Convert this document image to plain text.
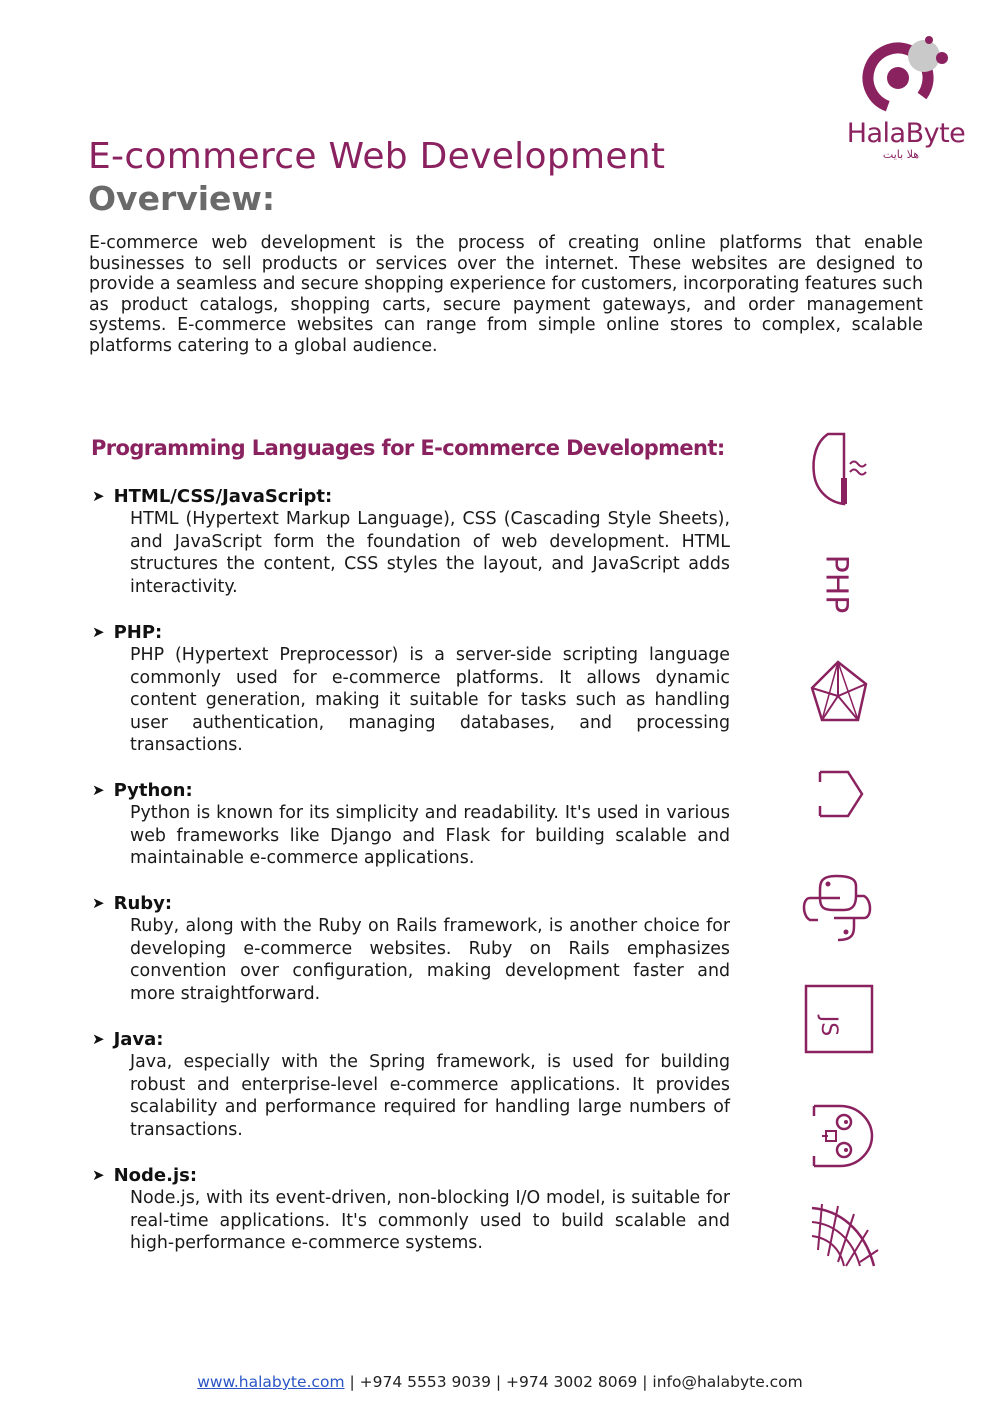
HalaByte
هلا بايت
E-commerce Web Development
Overview:

E-commerce web development is the process of creating online platforms that enable businesses to sell products or services over the internet. These websites are designed to provide a seamless and secure shopping experience for customers, incorporating features such as product catalogs, shopping carts, secure payment gateways, and order management systems. E-commerce websites can range from simple online stores to complex, scalable platforms catering to a global audience.

Programming Languages for E-commerce Development:

➤ HTML/CSS/JavaScript:

HTML (Hypertext Markup Language), CSS (Cascading Style Sheets), and JavaScript form the foundation of web development. HTML structures the content, CSS styles the layout, and JavaScript adds interactivity.

➤ PHP:

PHP (Hypertext Preprocessor) is a server-side scripting language commonly used for e-commerce platforms. It allows dynamic content generation, making it suitable for tasks such as handling user authentication, managing databases, and processing transactions.

➤ Python:

Python is known for its simplicity and readability. It's used in various web frameworks like Django and Flask for building scalable and maintainable e-commerce applications.

➤ Ruby:

Ruby, along with the Ruby on Rails framework, is another choice for developing e-commerce websites. Ruby on Rails emphasizes convention over configuration, making development faster and more straightforward.

➤ Java:

Java, especially with the Spring framework, is used for building robust and enterprise-level e-commerce applications. It provides scalability and performance required for handling large numbers of transactions.

➤ Node.js:

Node.js, with its event-driven, non-blocking I/O model, is suitable for real-time applications. It's commonly used to build scalable and high-performance e-commerce systems.

PHP
JS
www.halabyte.com | +974 5553 9039 | +974 3002 8069 | info@halabyte.com
